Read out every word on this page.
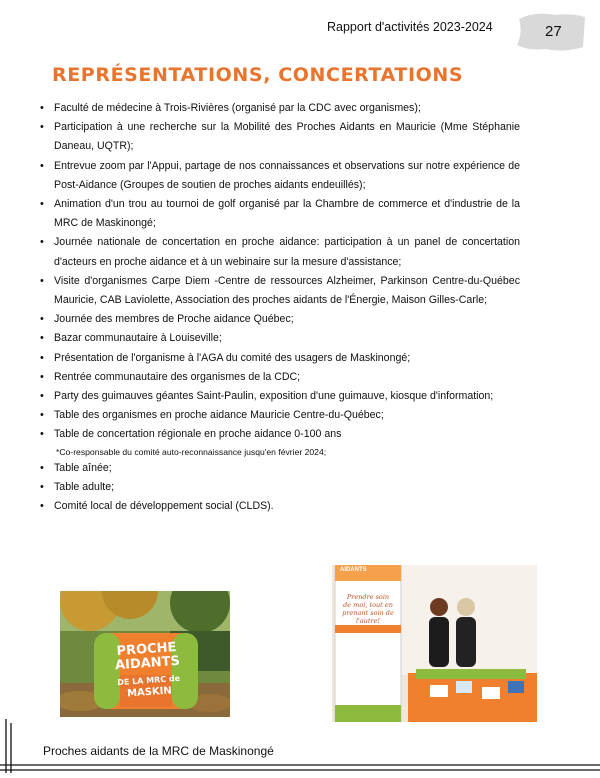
Rapport d'activités 2023-2024	27
REPRÉSENTATIONS, CONCERTATIONS
• Faculté de médecine à Trois-Rivières (organisé par la CDC avec organismes);
• Participation à une recherche sur la Mobilité des Proches Aidants en Mauricie (Mme Stéphanie Daneau, UQTR);
• Entrevue zoom par l'Appui, partage de nos connaissances et observations sur notre expérience de Post-Aidance (Groupes de soutien de proches aidants endeuillés);
• Animation d'un trou au tournoi de golf organisé par la Chambre de commerce et d'industrie de la MRC de Maskinongé;
• Journée nationale de concertation en proche aidance: participation à un panel de concertation d'acteurs en proche aidance et à un webinaire sur la mesure d'assistance;
• Visite d'organismes Carpe Diem -Centre de ressources Alzheimer, Parkinson Centre-du-Québec Mauricie, CAB Laviolette, Association des proches aidants de l'Énergie, Maison Gilles-Carle;
• Journée des membres de Proche aidance Québec;
• Bazar communautaire à Louiseville;
• Présentation de l'organisme à l'AGA du comité des usagers de Maskinongé;
• Rentrée communautaire des organismes de la CDC;
• Party des guimauves géantes Saint-Paulin, exposition d'une guimauve, kiosque d'information;
• Table des organismes en proche aidance Mauricie Centre-du-Québec;
• Table de concertation régionale en proche aidance 0-100 ans
*Co-responsable du comité auto-reconnaissance jusqu'en février 2024;
• Table aînée;
• Table adulte;
• Comité local de développement social (CLDS).
PROCHE
AIDANTS
DE LA MRC de
MASKIN
AIDANTS
Prendre soin de moi, tout en prenant soin de l'autre!
Proches aidants de la MRC de Maskinongé
